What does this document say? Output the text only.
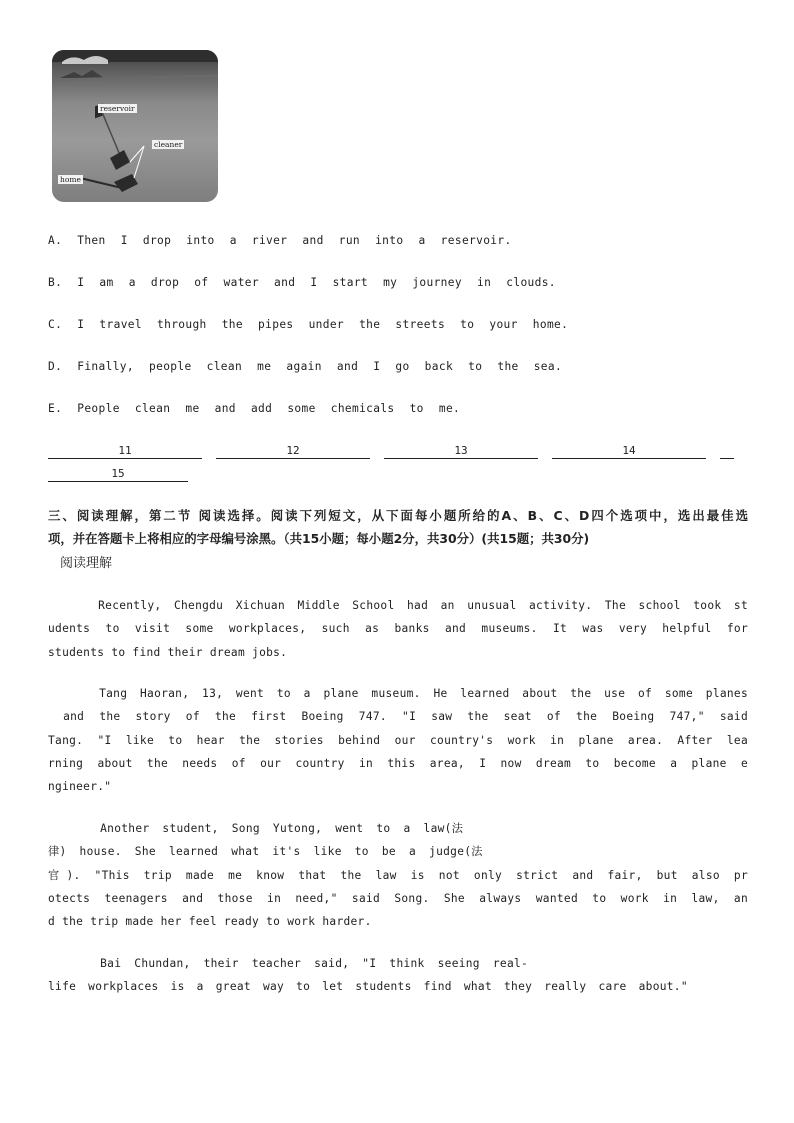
reservoir
cleaner
home
A. Then I drop into a river and run into a reservoir.
B. I am a drop of water and I start my journey in clouds.
C. I travel through the pipes under the streets to your home.
D. Finally, people clean me again and I go back to the sea.
E. People clean me and add some chemicals to me.
11	12	13	14
15
三、阅读理解，第二节 阅读选择。阅读下列短文，从下面每小题所给的A、B、C、D四个选项中，选出最佳选
项，并在答题卡上将相应的字母编号涂黑。（共15小题；每小题2分，共30分）(共15题；共30分)
阅读理解
Recently, Chengdu Xichuan Middle School had an unusual activity. The school took st
udents to visit some workplaces, such as banks and museums. It was very helpful for
students to find their dream jobs.
Tang Haoran, 13, went to a plane museum. He learned about the use of some planes
and the story of the first Boeing 747. "I saw the seat of the Boeing 747," said
Tang. "I like to hear the stories behind our country's work in plane area. After lea
rning about the needs of our country in this area, I now dream to become a plane e
ngineer."
Another student, Song Yutong, went to a law(法
律) house. She learned what it's like to be a judge(法
官). "This trip made me know that the law is not only strict and fair, but also pr
otects teenagers and those in need," said Song. She always wanted to work in law, an
d the trip made her feel ready to work harder.
Bai Chundan, their teacher said, "I think seeing real-
life workplaces is a great way to let students find what they really care about."
